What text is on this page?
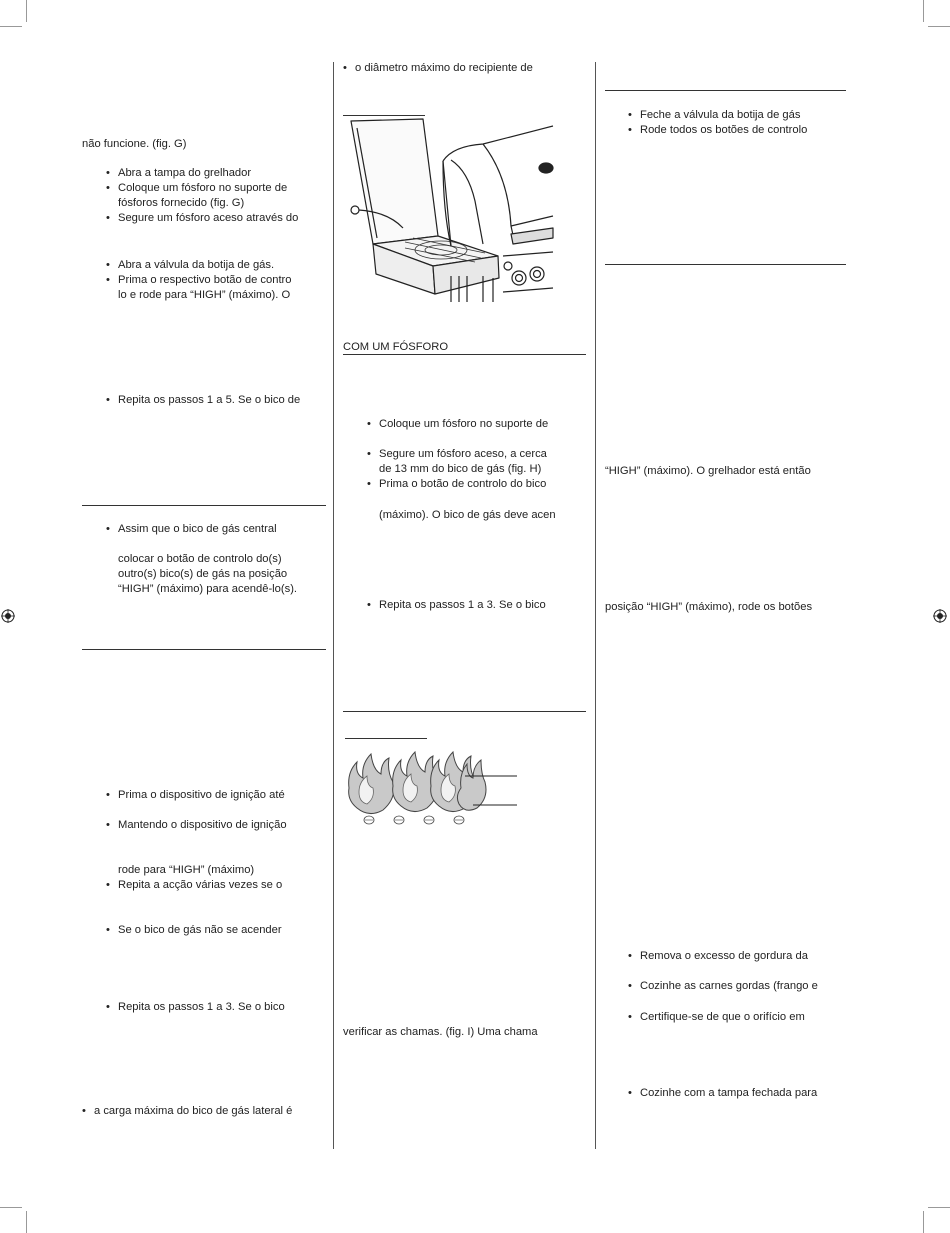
não funcione. (fig. G)
• Abra a tampa do grelhador
• Coloque um fósforo no suporte de
fósforos fornecido (fig. G)
• Segure um fósforo aceso através do
• Abra a válvula da botija de gás.
• Prima o respectivo botão de contro
lo e rode para “HIGH” (máximo). O
• Repita os passos 1 a 5. Se o bico de
• Assim que o bico de gás central
colocar o botão de controlo do(s)
outro(s) bico(s) de gás na posição
“HIGH” (máximo) para acendê-lo(s).
• Prima o dispositivo de ignição até
• Mantendo o dispositivo de ignição
rode para “HIGH” (máximo)
• Repita a acção várias vezes se o
• Se o bico de gás não se acender
• Repita os passos 1 a 3. Se o bico
• a carga máxima do bico de gás lateral é
• o diâmetro máximo do recipiente de
COM UM FÓSFORO
• Coloque um fósforo no suporte de
• Segure um fósforo aceso, a cerca
de 13 mm do bico de gás (fig. H)
• Prima o botão de controlo do bico
(máximo). O bico de gás deve acen
• Repita os passos 1 a 3. Se o bico
verificar as chamas. (fig. I) Uma chama
• Feche a válvula da botija de gás
• Rode todos os botões de controlo
“HIGH” (máximo). O grelhador está então
posição “HIGH” (máximo), rode os botões
• Remova o excesso de gordura da
• Cozinhe as carnes gordas (frango e
• Certifique-se de que o orifício em
• Cozinhe com a tampa fechada para
